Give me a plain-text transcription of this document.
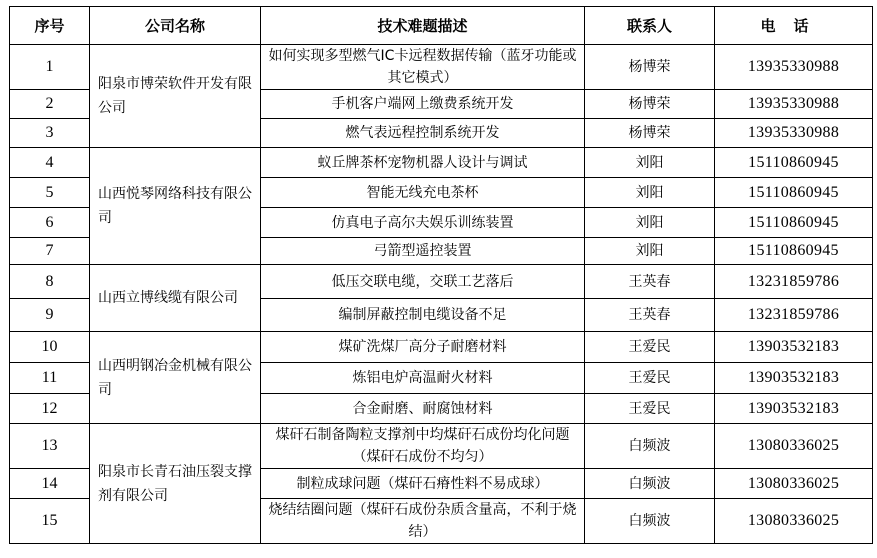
序号	公司名称	技术难题描述	联系人	电话
1	阳泉市博荣软件开发有限公司	如何实现多型燃气IC卡远程数据传输（蓝牙功能或其它模式）	杨博荣	13935330988
2		手机客户端网上缴费系统开发	杨博荣	13935330988
3		燃气表远程控制系统开发	杨博荣	13935330988
4	山西悦琴网络科技有限公司	蚁丘牌茶杯宠物机器人设计与调试	刘阳	15110860945
5		智能无线充电茶杯	刘阳	15110860945
6		仿真电子高尔夫娱乐训练装置	刘阳	15110860945
7		弓箭型遥控装置	刘阳	15110860945
8	山西立博线缆有限公司	低压交联电缆，交联工艺落后	王英春	13231859786
9		编制屏蔽控制电缆设备不足	王英春	13231859786
10	山西明钢冶金机械有限公司	煤矿洗煤厂高分子耐磨材料	王爱民	13903532183
11		炼铝电炉高温耐火材料	王爱民	13903532183
12		合金耐磨、耐腐蚀材料	王爱民	13903532183
13	阳泉市长青石油压裂支撑剂有限公司	煤矸石制备陶粒支撑剂中均煤矸石成份均化问题（煤矸石成份不均匀）	白频波	13080336025
14		制粒成球问题（煤矸石瘠性料不易成球）	白频波	13080336025
15		烧结结圈问题（煤矸石成份杂质含量高，不利于烧结）	白频波	13080336025
